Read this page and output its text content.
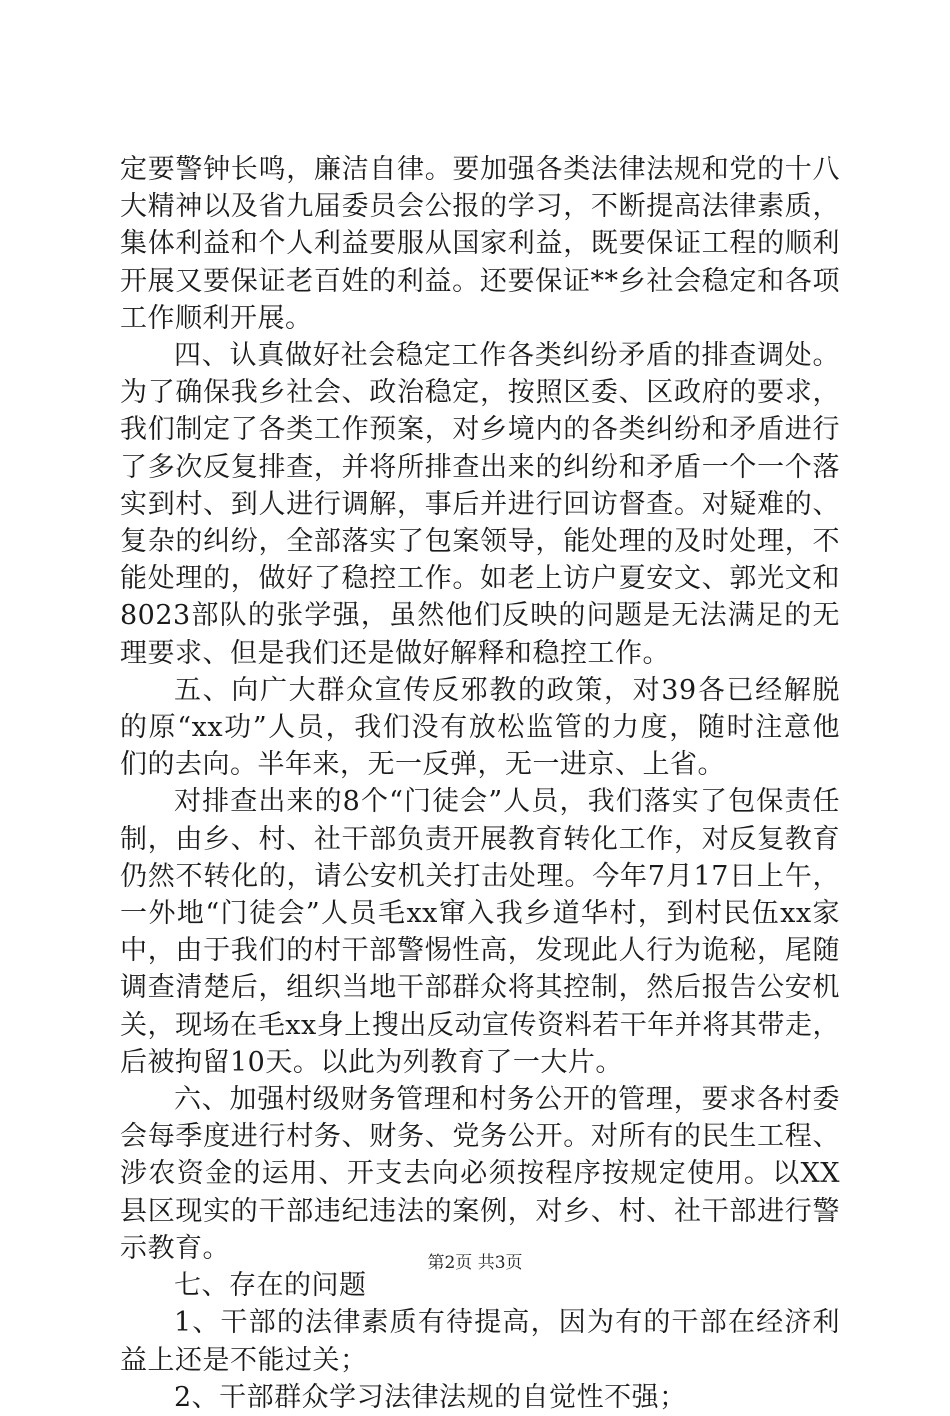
定要警钟长鸣，廉洁自律。要加强各类法律法规和党的十八大精神以及省九届委员会公报的学习，不断提高法律素质，集体利益和个人利益要服从国家利益，既要保证工程的顺利开展又要保证老百姓的利益。还要保证**乡社会稳定和各项工作顺利开展。

四、认真做好社会稳定工作各类纠纷矛盾的排查调处。为了确保我乡社会、政治稳定，按照区委、区政府的要求，我们制定了各类工作预案，对乡境内的各类纠纷和矛盾进行了多次反复排查，并将所排查出来的纠纷和矛盾一个一个落实到村、到人进行调解，事后并进行回访督查。对疑难的、复杂的纠纷，全部落实了包案领导，能处理的及时处理，不能处理的，做好了稳控工作。如老上访户夏安文、郭光文和8023部队的张学强，虽然他们反映的问题是无法满足的无理要求、但是我们还是做好解释和稳控工作。

五、向广大群众宣传反邪教的政策，对39各已经解脱的原“xx功”人员，我们没有放松监管的力度，随时注意他们的去向。半年来，无一反弹，无一进京、上省。

对排查出来的8个“门徒会”人员，我们落实了包保责任制，由乡、村、社干部负责开展教育转化工作，对反复教育仍然不转化的，请公安机关打击处理。今年7月17日上午，一外地“门徒会”人员毛xx窜入我乡道华村，到村民伍xx家中，由于我们的村干部警惕性高，发现此人行为诡秘，尾随调查清楚后，组织当地干部群众将其控制，然后报告公安机关，现场在毛xx身上搜出反动宣传资料若干年并将其带走，后被拘留10天。以此为列教育了一大片。

六、加强村级财务管理和村务公开的管理，要求各村委会每季度进行村务、财务、党务公开。对所有的民生工程、涉农资金的运用、开支去向必须按程序按规定使用。以XX县区现实的干部违纪违法的案例，对乡、村、社干部进行警示教育。

七、存在的问题

1、干部的法律素质有待提高，因为有的干部在经济利益上还是不能过关；

2、干部群众学习法律法规的自觉性不强；

第2页 共3页
